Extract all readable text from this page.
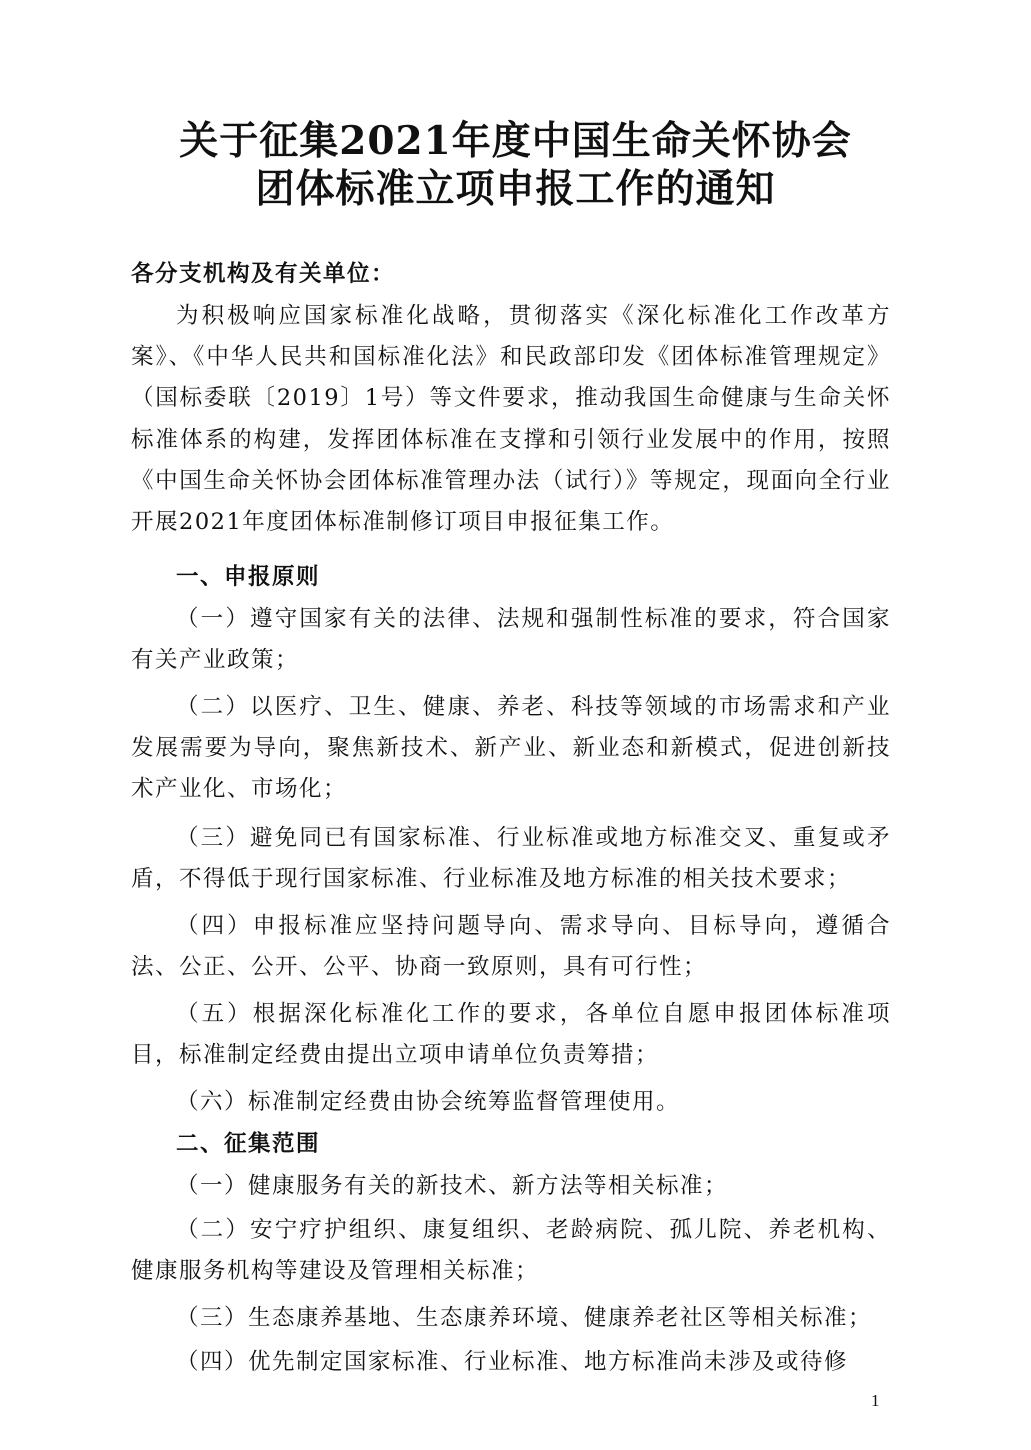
关于征集2021年度中国生命关怀协会
团体标准立项申报工作的通知

各分支机构及有关单位：

为积极响应国家标准化战略，贯彻落实《深化标准化工作改革方案》、《中华人民共和国标准化法》和民政部印发《团体标准管理规定》（国标委联〔2019〕1号）等文件要求，推动我国生命健康与生命关怀标准体系的构建，发挥团体标准在支撑和引领行业发展中的作用，按照《中国生命关怀协会团体标准管理办法（试行）》等规定，现面向全行业开展2021年度团体标准制修订项目申报征集工作。

一、申报原则

（一）遵守国家有关的法律、法规和强制性标准的要求，符合国家有关产业政策；

（二）以医疗、卫生、健康、养老、科技等领域的市场需求和产业发展需要为导向，聚焦新技术、新产业、新业态和新模式，促进创新技术产业化、市场化；

（三）避免同已有国家标准、行业标准或地方标准交叉、重复或矛盾，不得低于现行国家标准、行业标准及地方标准的相关技术要求；

（四）申报标准应坚持问题导向、需求导向、目标导向，遵循合法、公正、公开、公平、协商一致原则，具有可行性；

（五）根据深化标准化工作的要求，各单位自愿申报团体标准项目，标准制定经费由提出立项申请单位负责筹措；

（六）标准制定经费由协会统筹监督管理使用。

二、征集范围

（一）健康服务有关的新技术、新方法等相关标准；

（二）安宁疗护组织、康复组织、老龄病院、孤儿院、养老机构、健康服务机构等建设及管理相关标准；

（三）生态康养基地、生态康养环境、健康养老社区等相关标准；

（四）优先制定国家标准、行业标准、地方标准尚未涉及或待修

1
